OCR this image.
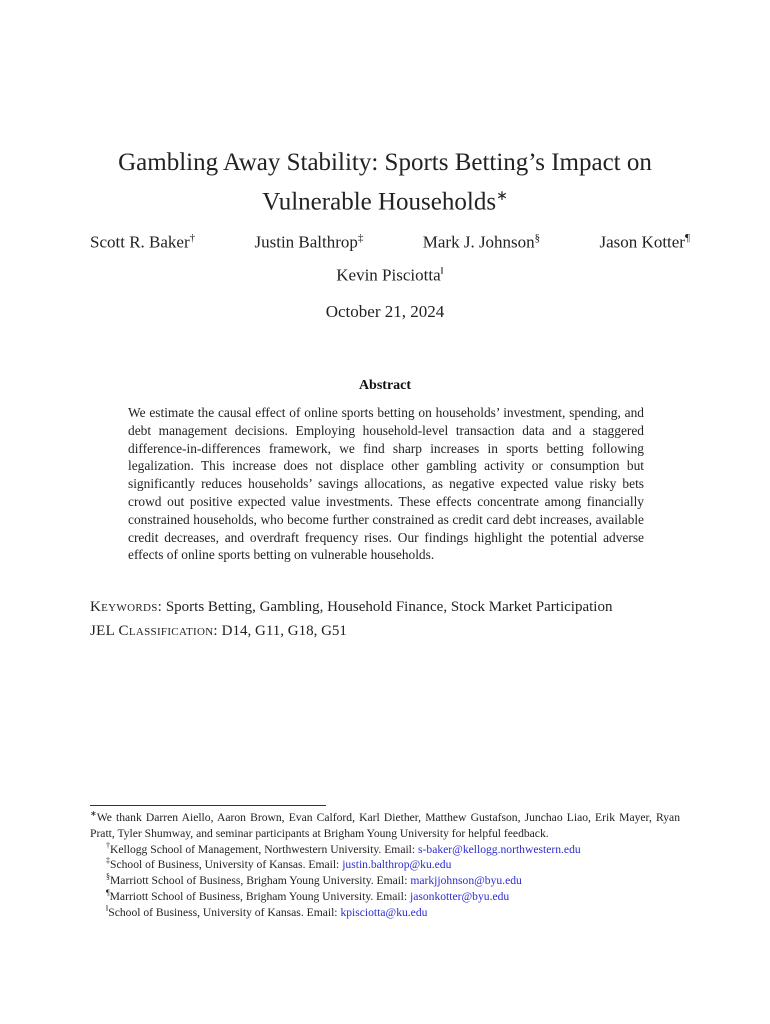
Gambling Away Stability: Sports Betting’s Impact on
Vulnerable Households∗
Scott R. Baker†	Justin Balthrop‡	Mark J. Johnson§	Jason Kotter¶
Kevin Pisciotta‖
October 21, 2024
Abstract
We estimate the causal effect of online sports betting on households’ investment, spending, and debt management decisions. Employing household-level transaction data and a staggered difference-in-differences framework, we find sharp increases in sports betting following legalization. This increase does not displace other gambling activity or consumption but significantly reduces households’ savings allocations, as negative expected value risky bets crowd out positive expected value investments. These effects concentrate among financially constrained households, who become further constrained as credit card debt increases, available credit decreases, and overdraft frequency rises. Our findings highlight the potential adverse effects of online sports betting on vulnerable households.
Keywords: Sports Betting, Gambling, Household Finance, Stock Market Participation
JEL Classification: D14, G11, G18, G51
∗We thank Darren Aiello, Aaron Brown, Evan Calford, Karl Diether, Matthew Gustafson, Junchao Liao, Erik Mayer, Ryan Pratt, Tyler Shumway, and seminar participants at Brigham Young University for helpful feedback.
†Kellogg School of Management, Northwestern University. Email: s-baker@kellogg.northwestern.edu
‡School of Business, University of Kansas. Email: justin.balthrop@ku.edu
§Marriott School of Business, Brigham Young University. Email: markjjohnson@byu.edu
¶Marriott School of Business, Brigham Young University. Email: jasonkotter@byu.edu
‖School of Business, University of Kansas. Email: kpisciotta@ku.edu
